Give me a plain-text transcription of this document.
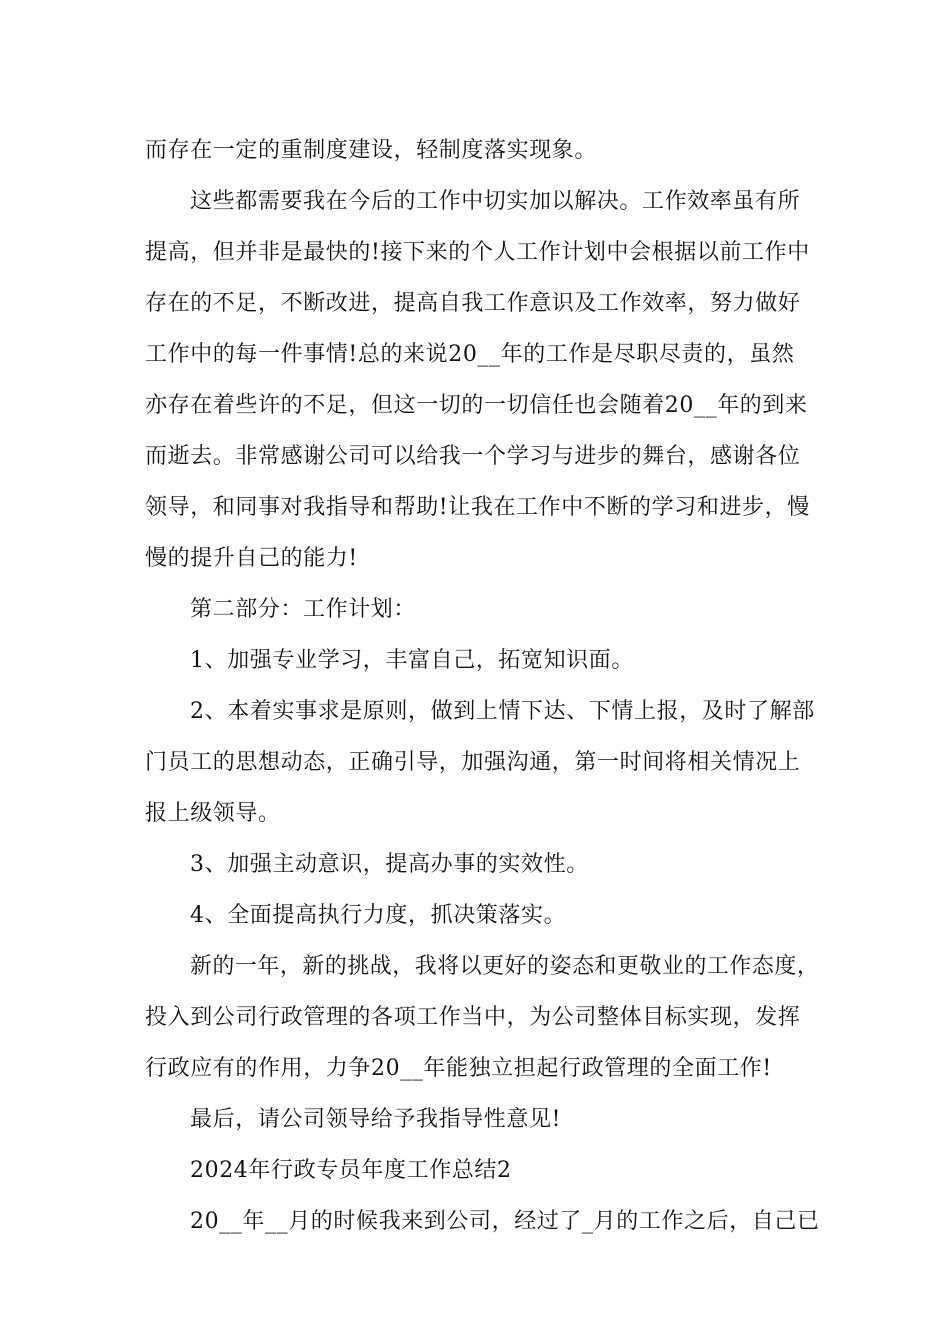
而存在一定的重制度建设，轻制度落实现象。
这些都需要我在今后的工作中切实加以解决。工作效率虽有所
提高，但并非是最快的!接下来的个人工作计划中会根据以前工作中
存在的不足，不断改进，提高自我工作意识及工作效率，努力做好
工作中的每一件事情!总的来说20__年的工作是尽职尽责的，虽然
亦存在着些许的不足，但这一切的一切信任也会随着20__年的到来
而逝去。非常感谢公司可以给我一个学习与进步的舞台，感谢各位
领导，和同事对我指导和帮助!让我在工作中不断的学习和进步，慢
慢的提升自己的能力!
第二部分：工作计划：
1、加强专业学习，丰富自己，拓宽知识面。
2、本着实事求是原则，做到上情下达、下情上报，及时了解部
门员工的思想动态，正确引导，加强沟通，第一时间将相关情况上
报上级领导。
3、加强主动意识，提高办事的实效性。
4、全面提高执行力度，抓决策落实。
新的一年，新的挑战，我将以更好的姿态和更敬业的工作态度，
投入到公司行政管理的各项工作当中，为公司整体目标实现，发挥
行政应有的作用，力争20__年能独立担起行政管理的全面工作!
最后，请公司领导给予我指导性意见!
2024年行政专员年度工作总结2
20__年__月的时候我来到公司，经过了_月的工作之后，自己已
